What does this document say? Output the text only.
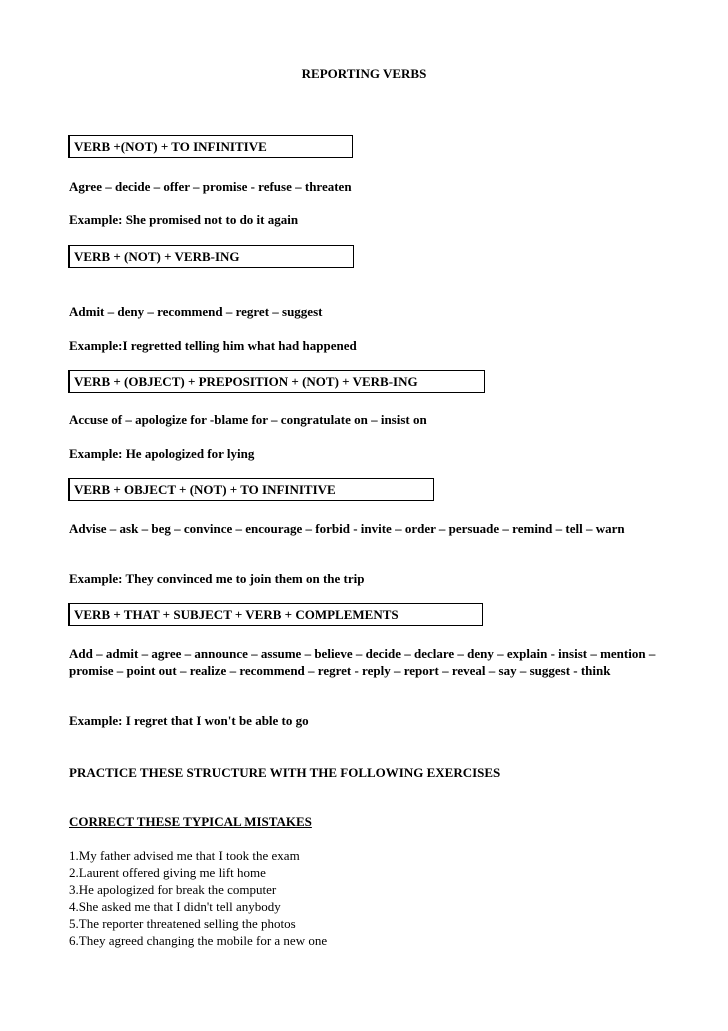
REPORTING VERBS
VERB +(NOT) + TO INFINITIVE
Agree – decide – offer – promise - refuse – threaten
Example: She promised not to do it again
VERB + (NOT) + VERB-ING
Admit – deny – recommend – regret – suggest
Example:I regretted telling him what had happened
VERB + (OBJECT) + PREPOSITION + (NOT) + VERB-ING
Accuse of – apologize for -blame for – congratulate on – insist on
Example: He apologized for lying
VERB + OBJECT + (NOT) + TO INFINITIVE
Advise – ask – beg – convince – encourage – forbid - invite – order – persuade – remind – tell – warn
Example: They convinced me to join them on the trip
VERB + THAT + SUBJECT + VERB + COMPLEMENTS
Add – admit – agree – announce – assume – believe – decide – declare – deny – explain - insist – mention – promise – point out – realize – recommend – regret - reply – report – reveal – say – suggest - think
Example: I regret that I won't be able to go
PRACTICE THESE STRUCTURE WITH THE FOLLOWING EXERCISES
CORRECT THESE TYPICAL MISTAKES
1.My father advised me that I took the exam
2.Laurent offered giving me lift home
3.He apologized for break the computer
4.She asked me that I didn't tell anybody
5.The reporter threatened selling the photos
6.They agreed changing the mobile for a new one
